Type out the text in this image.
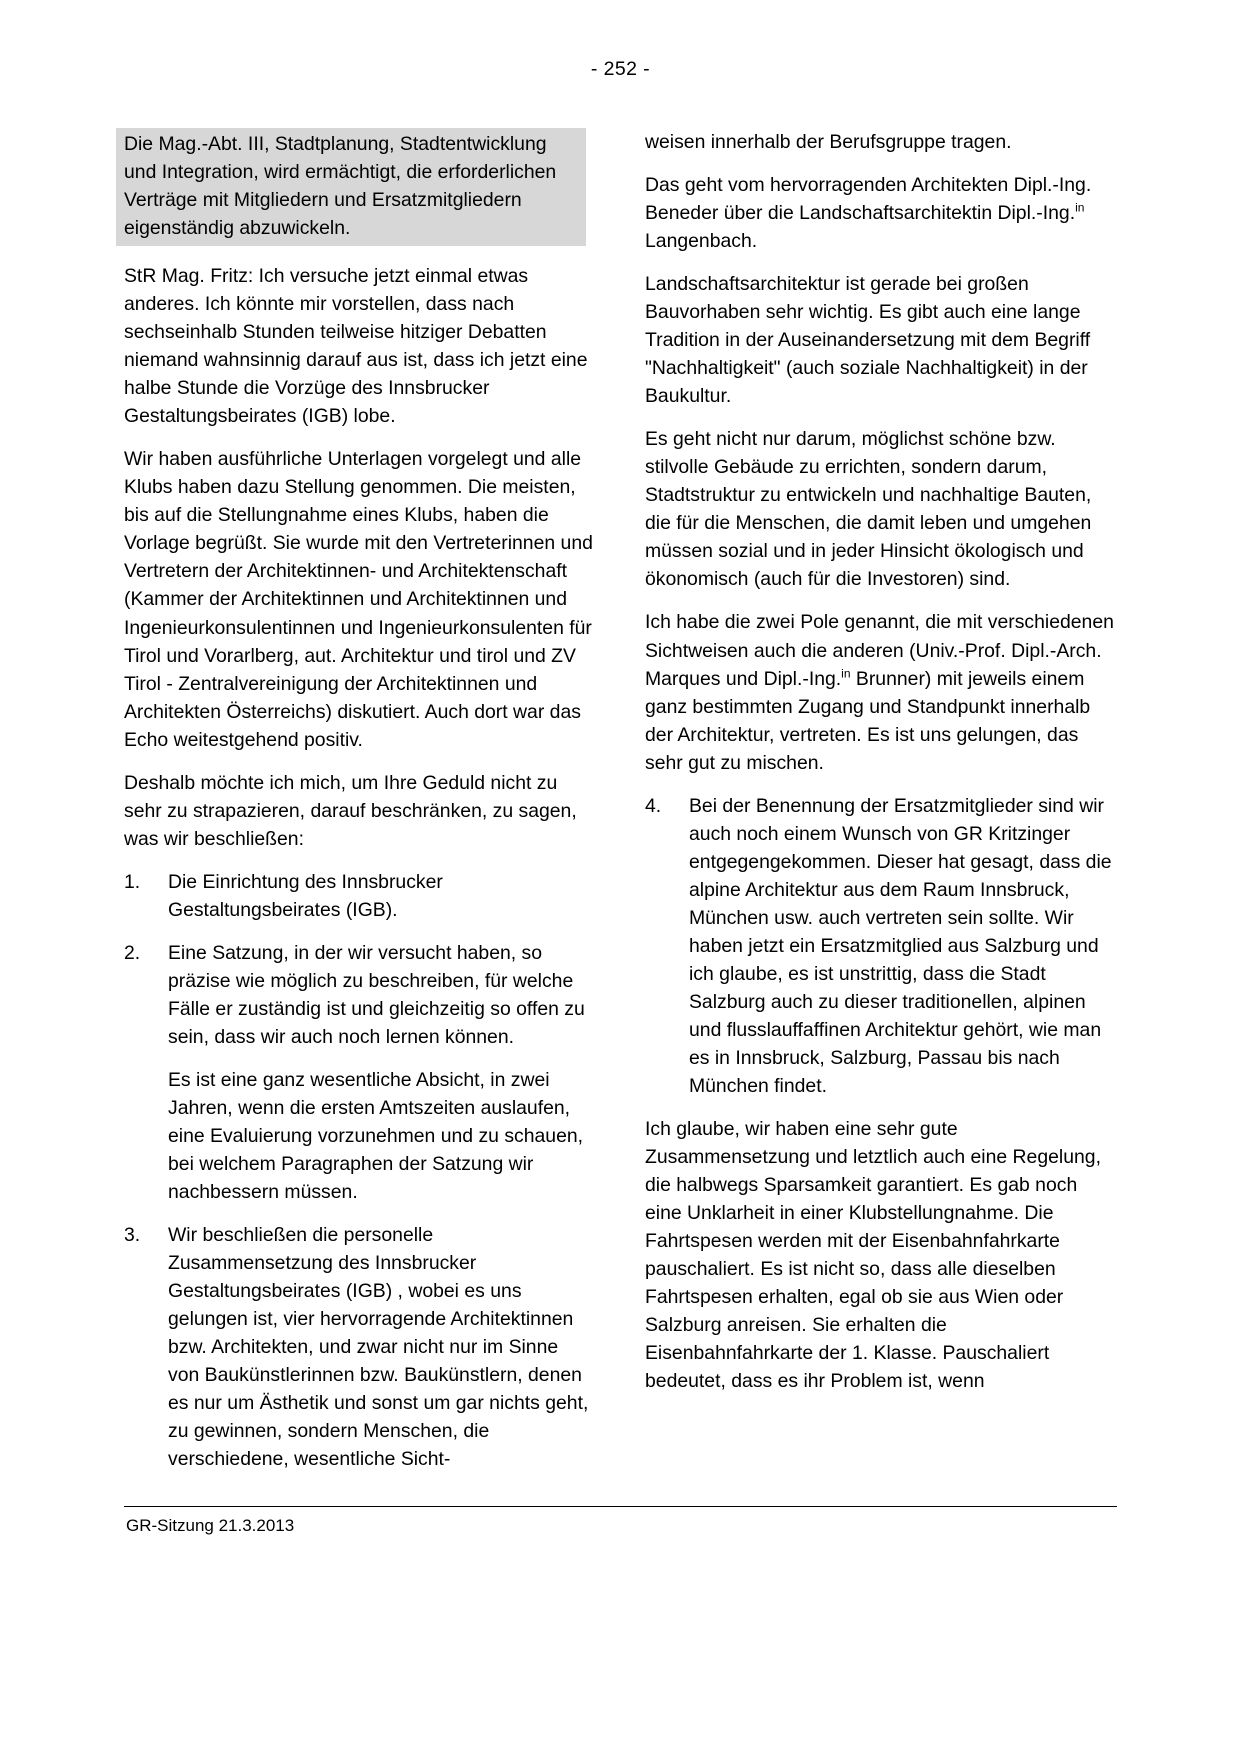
- 252 -

Die Mag.-Abt. III, Stadtplanung, Stadtentwicklung und Integration, wird ermächtigt, die erforderlichen Verträge mit Mitgliedern und Ersatzmitgliedern eigenständig abzuwickeln.

StR Mag. Fritz: Ich versuche jetzt einmal etwas anderes. Ich könnte mir vorstellen, dass nach sechseinhalb Stunden teilweise hitziger Debatten niemand wahnsinnig darauf aus ist, dass ich jetzt eine halbe Stunde die Vorzüge des Innsbrucker Gestaltungsbeirates (IGB) lobe.

Wir haben ausführliche Unterlagen vorgelegt und alle Klubs haben dazu Stellung genommen. Die meisten, bis auf die Stellungnahme eines Klubs, haben die Vorlage begrüßt. Sie wurde mit den Vertreterinnen und Vertretern der Architektinnen- und Architektenschaft (Kammer der Architektinnen und Architektinnen und Ingenieurkonsulentinnen und Ingenieurkonsulenten für Tirol und Vorarlberg, aut. Architektur und tirol und ZV Tirol - Zentralvereinigung der Architektinnen und Architekten Österreichs) diskutiert. Auch dort war das Echo weitestgehend positiv.

Deshalb möchte ich mich, um Ihre Geduld nicht zu sehr zu strapazieren, darauf beschränken, zu sagen, was wir beschließen:

1.	Die Einrichtung des Innsbrucker Gestaltungsbeirates (IGB).

2.	Eine Satzung, in der wir versucht haben, so präzise wie möglich zu beschreiben, für welche Fälle er zuständig ist und gleichzeitig so offen zu sein, dass wir auch noch lernen können.

Es ist eine ganz wesentliche Absicht, in zwei Jahren, wenn die ersten Amtszeiten auslaufen, eine Evaluierung vorzunehmen und zu schauen, bei welchem Paragraphen der Satzung wir nachbessern müssen.

3.	Wir beschließen die personelle Zusammensetzung des Innsbrucker Gestaltungsbeirates (IGB) , wobei es uns gelungen ist, vier hervorragende Architektinnen bzw. Architekten, und zwar nicht nur im Sinne von Baukünstlerinnen bzw. Baukünstlern, denen es nur um Ästhetik und sonst um gar nichts geht, zu gewinnen, sondern Menschen, die verschiedene, wesentliche Sicht-

weisen innerhalb der Berufsgruppe tragen.

Das geht vom hervorragenden Architekten Dipl.-Ing. Beneder über die Landschaftsarchitektin Dipl.-Ing.$^{in}$ Langenbach.

Landschaftsarchitektur ist gerade bei großen Bauvorhaben sehr wichtig. Es gibt auch eine lange Tradition in der Auseinandersetzung mit dem Begriff "Nachhaltigkeit" (auch soziale Nachhaltigkeit) in der Baukultur.

Es geht nicht nur darum, möglichst schöne bzw. stilvolle Gebäude zu errichten, sondern darum, Stadtstruktur zu entwickeln und nachhaltige Bauten, die für die Menschen, die damit leben und umgehen müssen sozial und in jeder Hinsicht ökologisch und ökonomisch (auch für die Investoren) sind.

Ich habe die zwei Pole genannt, die mit verschiedenen Sichtweisen auch die anderen (Univ.-Prof. Dipl.-Arch. Marques und Dipl.-Ing.$^{in}$ Brunner) mit jeweils einem ganz bestimmten Zugang und Standpunkt innerhalb der Architektur, vertreten. Es ist uns gelungen, das sehr gut zu mischen.

4.	Bei der Benennung der Ersatzmitglieder sind wir auch noch einem Wunsch von GR Kritzinger entgegengekommen. Dieser hat gesagt, dass die alpine Architektur aus dem Raum Innsbruck, München usw. auch vertreten sein sollte. Wir haben jetzt ein Ersatzmitglied aus Salzburg und ich glaube, es ist unstrittig, dass die Stadt Salzburg auch zu dieser traditionellen, alpinen und flusslauffaffinen Architektur gehört, wie man es in Innsbruck, Salzburg, Passau bis nach München findet.

Ich glaube, wir haben eine sehr gute Zusammensetzung und letztlich auch eine Regelung, die halbwegs Sparsamkeit garantiert. Es gab noch eine Unklarheit in einer Klubstellungnahme. Die Fahrtspesen werden mit der Eisenbahnfahrkarte pauschaliert. Es ist nicht so, dass alle dieselben Fahrtspesen erhalten, egal ob sie aus Wien oder Salzburg anreisen. Sie erhalten die Eisenbahnfahrkarte der 1. Klasse. Pauschaliert bedeutet, dass es ihr Problem ist, wenn

GR-Sitzung 21.3.2013
